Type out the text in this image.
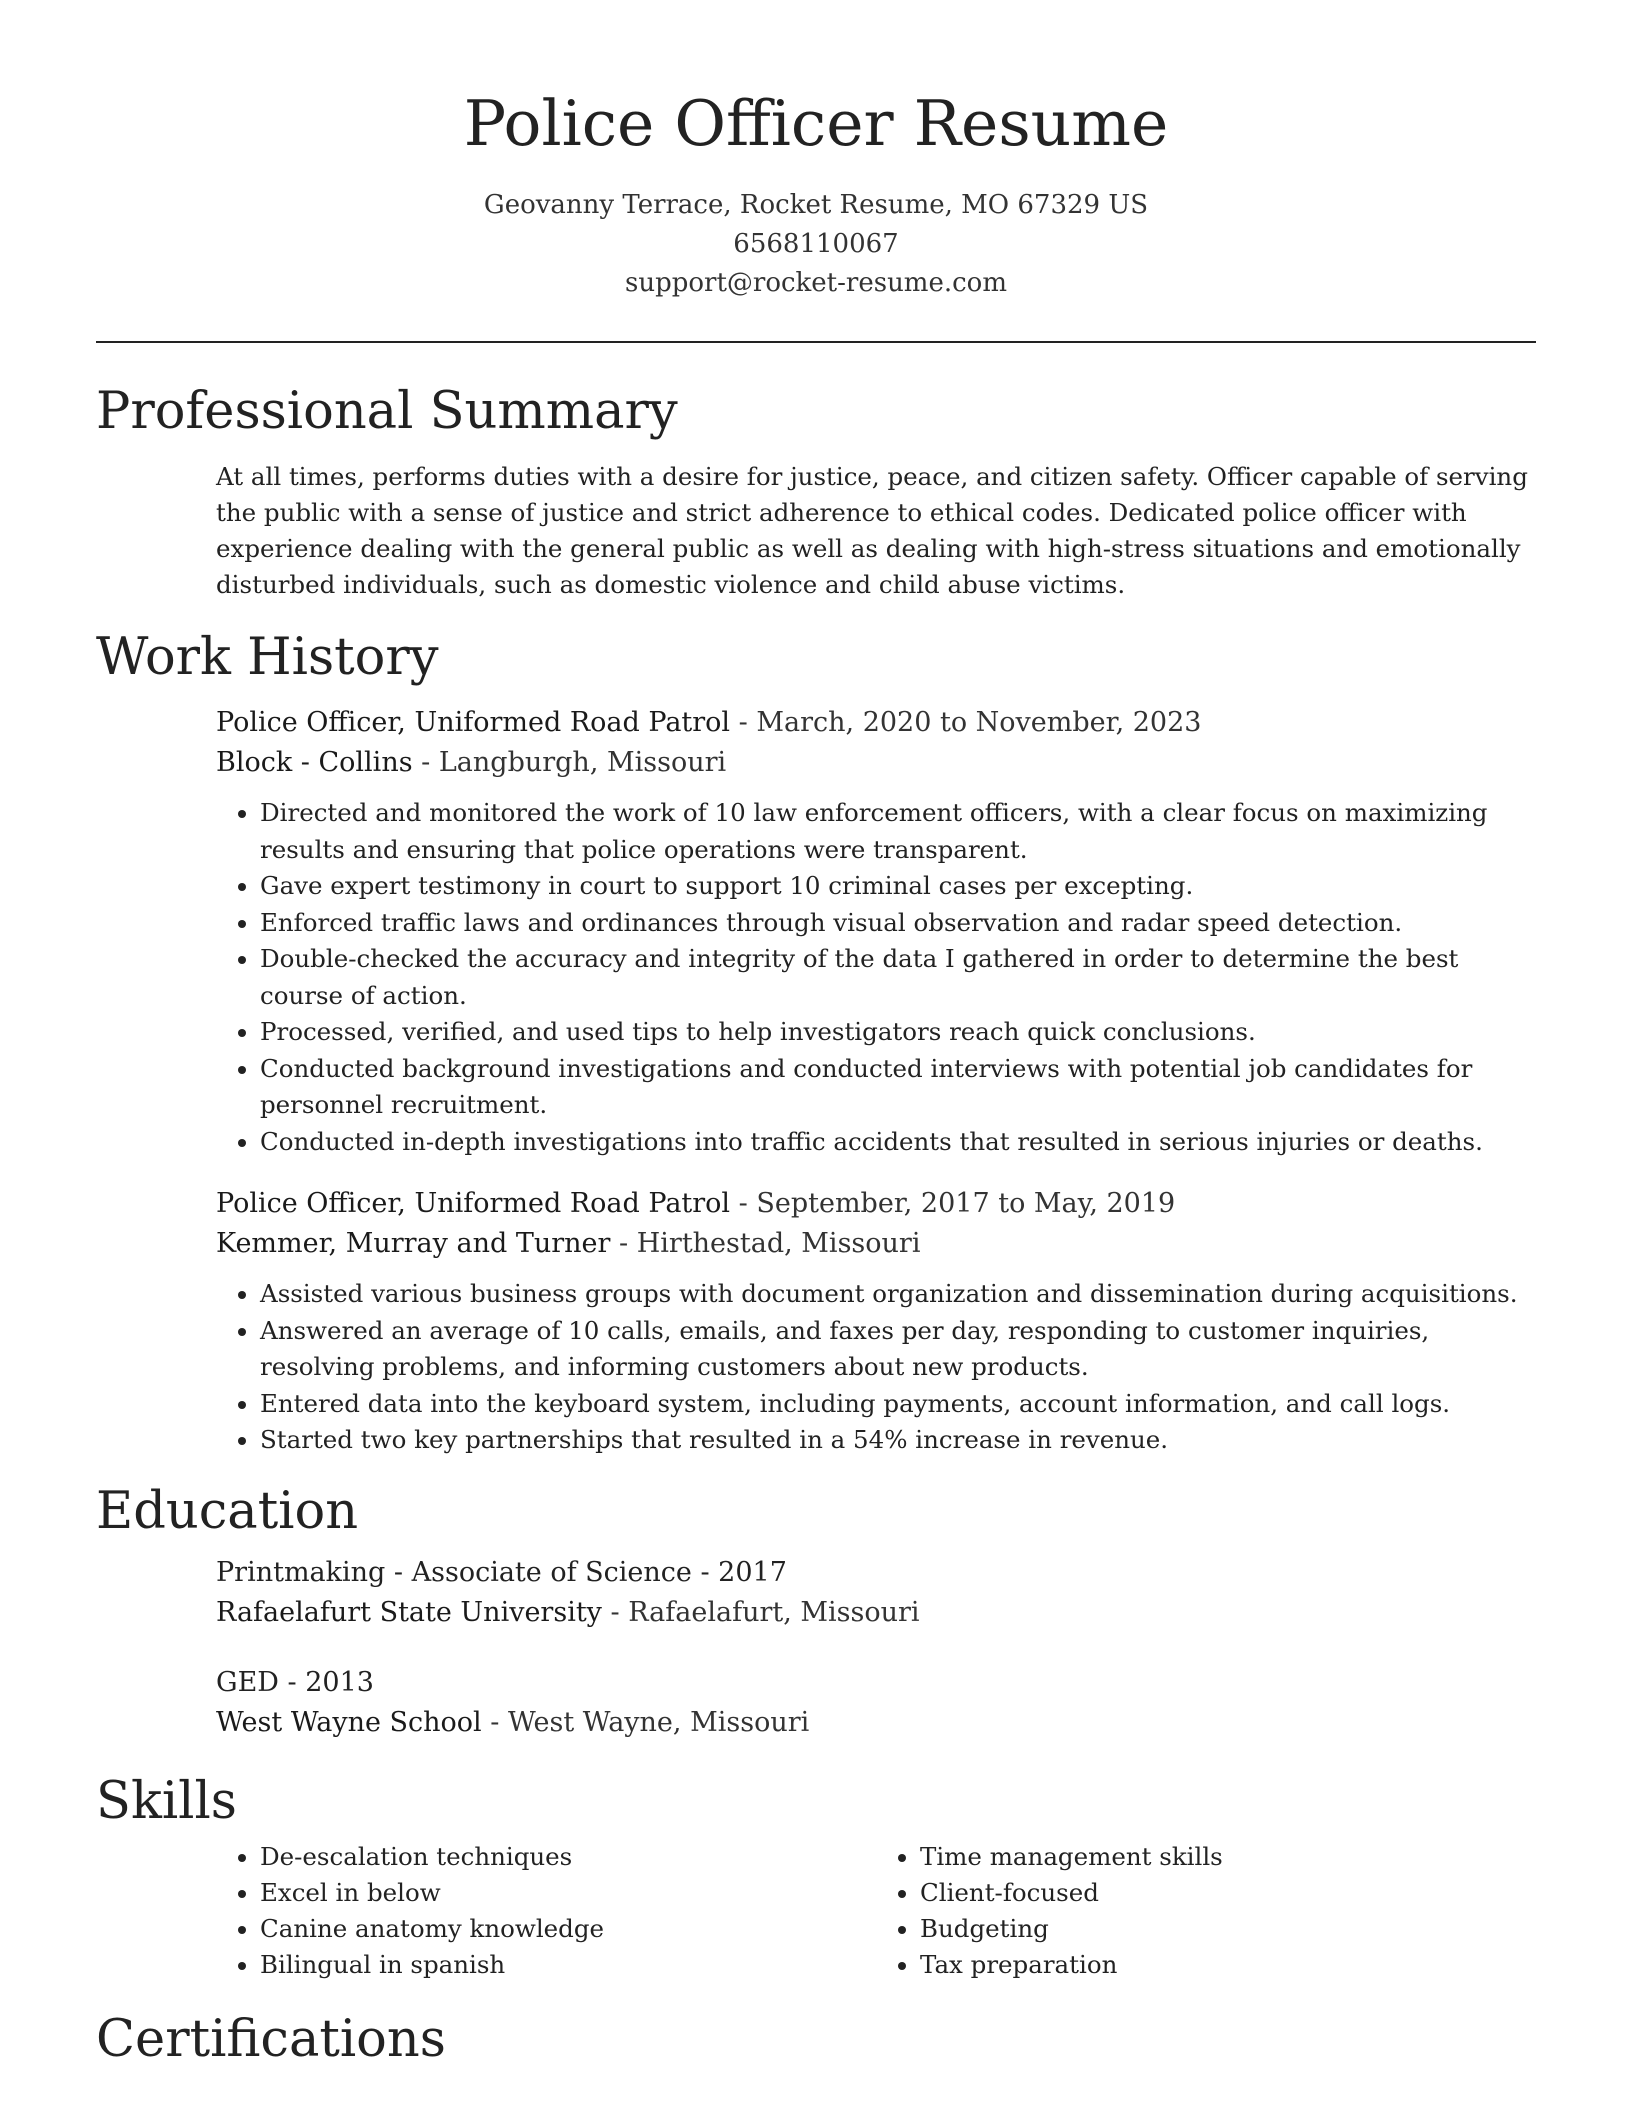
Police Officer Resume
Geovanny Terrace, Rocket Resume, MO 67329 US
6568110067
support@rocket-resume.com
Professional Summary
At all times, performs duties with a desire for justice, peace, and citizen safety. Officer capable of serving the public with a sense of justice and strict adherence to ethical codes. Dedicated police officer with experience dealing with the general public as well as dealing with high-stress situations and emotionally disturbed individuals, such as domestic violence and child abuse victims.
Work History
Police Officer, Uniformed Road Patrol - March, 2020 to November, 2023
Block - Collins - Langburgh, Missouri
• Directed and monitored the work of 10 law enforcement officers, with a clear focus on maximizing results and ensuring that police operations were transparent.
• Gave expert testimony in court to support 10 criminal cases per excepting.
• Enforced traffic laws and ordinances through visual observation and radar speed detection.
• Double-checked the accuracy and integrity of the data I gathered in order to determine the best course of action.
• Processed, verified, and used tips to help investigators reach quick conclusions.
• Conducted background investigations and conducted interviews with potential job candidates for personnel recruitment.
• Conducted in-depth investigations into traffic accidents that resulted in serious injuries or deaths.
Police Officer, Uniformed Road Patrol - September, 2017 to May, 2019
Kemmer, Murray and Turner - Hirthestad, Missouri
• Assisted various business groups with document organization and dissemination during acquisitions.
• Answered an average of 10 calls, emails, and faxes per day, responding to customer inquiries, resolving problems, and informing customers about new products.
• Entered data into the keyboard system, including payments, account information, and call logs.
• Started two key partnerships that resulted in a 54% increase in revenue.
Education
Printmaking - Associate of Science - 2017
Rafaelafurt State University - Rafaelafurt, Missouri
GED - 2013
West Wayne School - West Wayne, Missouri
Skills
• De-escalation techniques
• Excel in below
• Canine anatomy knowledge
• Bilingual in spanish
• Time management skills
• Client-focused
• Budgeting
• Tax preparation
Certifications
